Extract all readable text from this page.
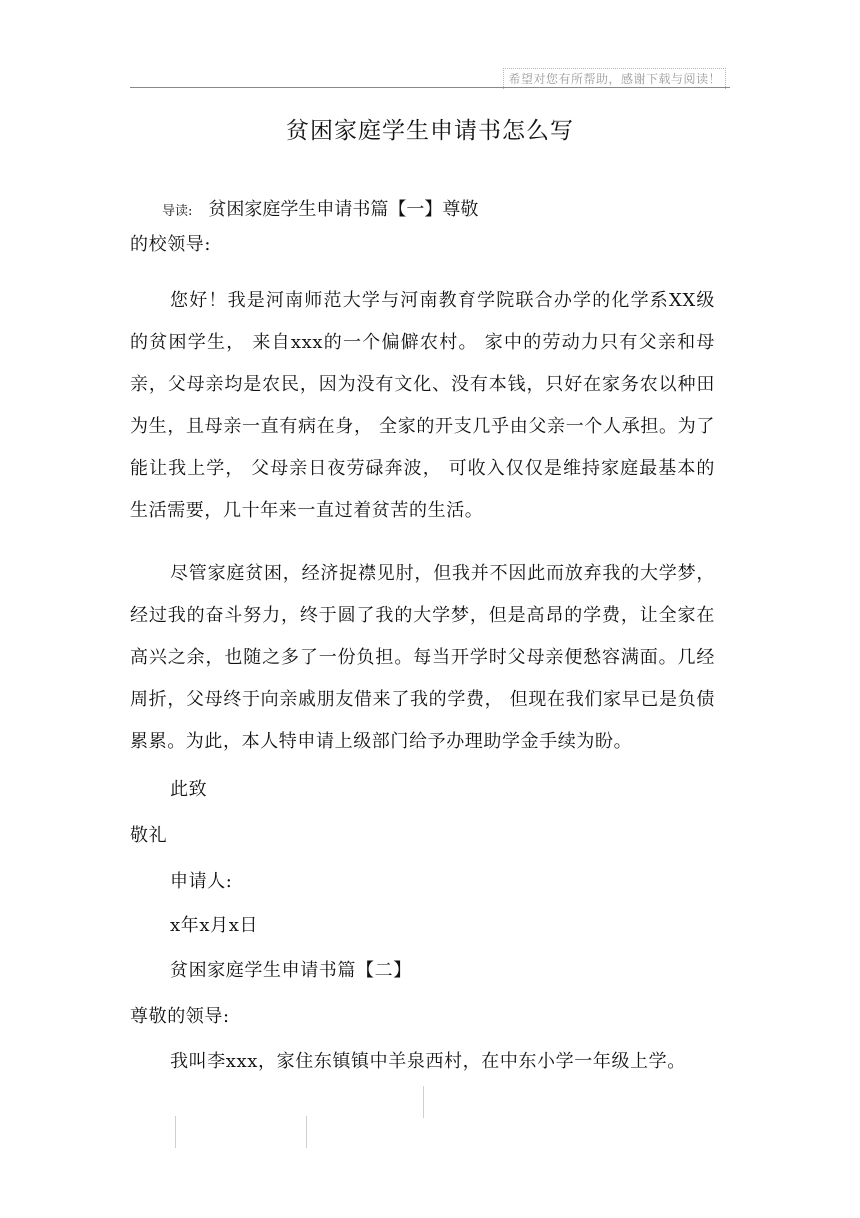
希望对您有所帮助，感谢下载与阅读！
贫困家庭学生申请书怎么写
导读: 贫困家庭学生申请书篇【一】尊敬
的校领导:
您好！我是河南师范大学与河南教育学院联合办学的化学系XX级的贫困学生， 来自xxx的一个偏僻农村。 家中的劳动力只有父亲和母亲，父母亲均是农民，因为没有文化、没有本钱，只好在家务农以种田为生，且母亲一直有病在身， 全家的开支几乎由父亲一个人承担。为了能让我上学， 父母亲日夜劳碌奔波， 可收入仅仅是维持家庭最基本的生活需要，几十年来一直过着贫苦的生活。
尽管家庭贫困，经济捉襟见肘，但我并不因此而放弃我的大学梦，经过我的奋斗努力，终于圆了我的大学梦，但是高昂的学费，让全家在高兴之余，也随之多了一份负担。每当开学时父母亲便愁容满面。几经周折，父母终于向亲戚朋友借来了我的学费， 但现在我们家早已是负债累累。为此，本人特申请上级部门给予办理助学金手续为盼。
此致
敬礼
申请人:
x年x月x日
贫困家庭学生申请书篇【二】
尊敬的领导:
我叫李xxx，家住东镇镇中羊泉西村，在中东小学一年级上学。
